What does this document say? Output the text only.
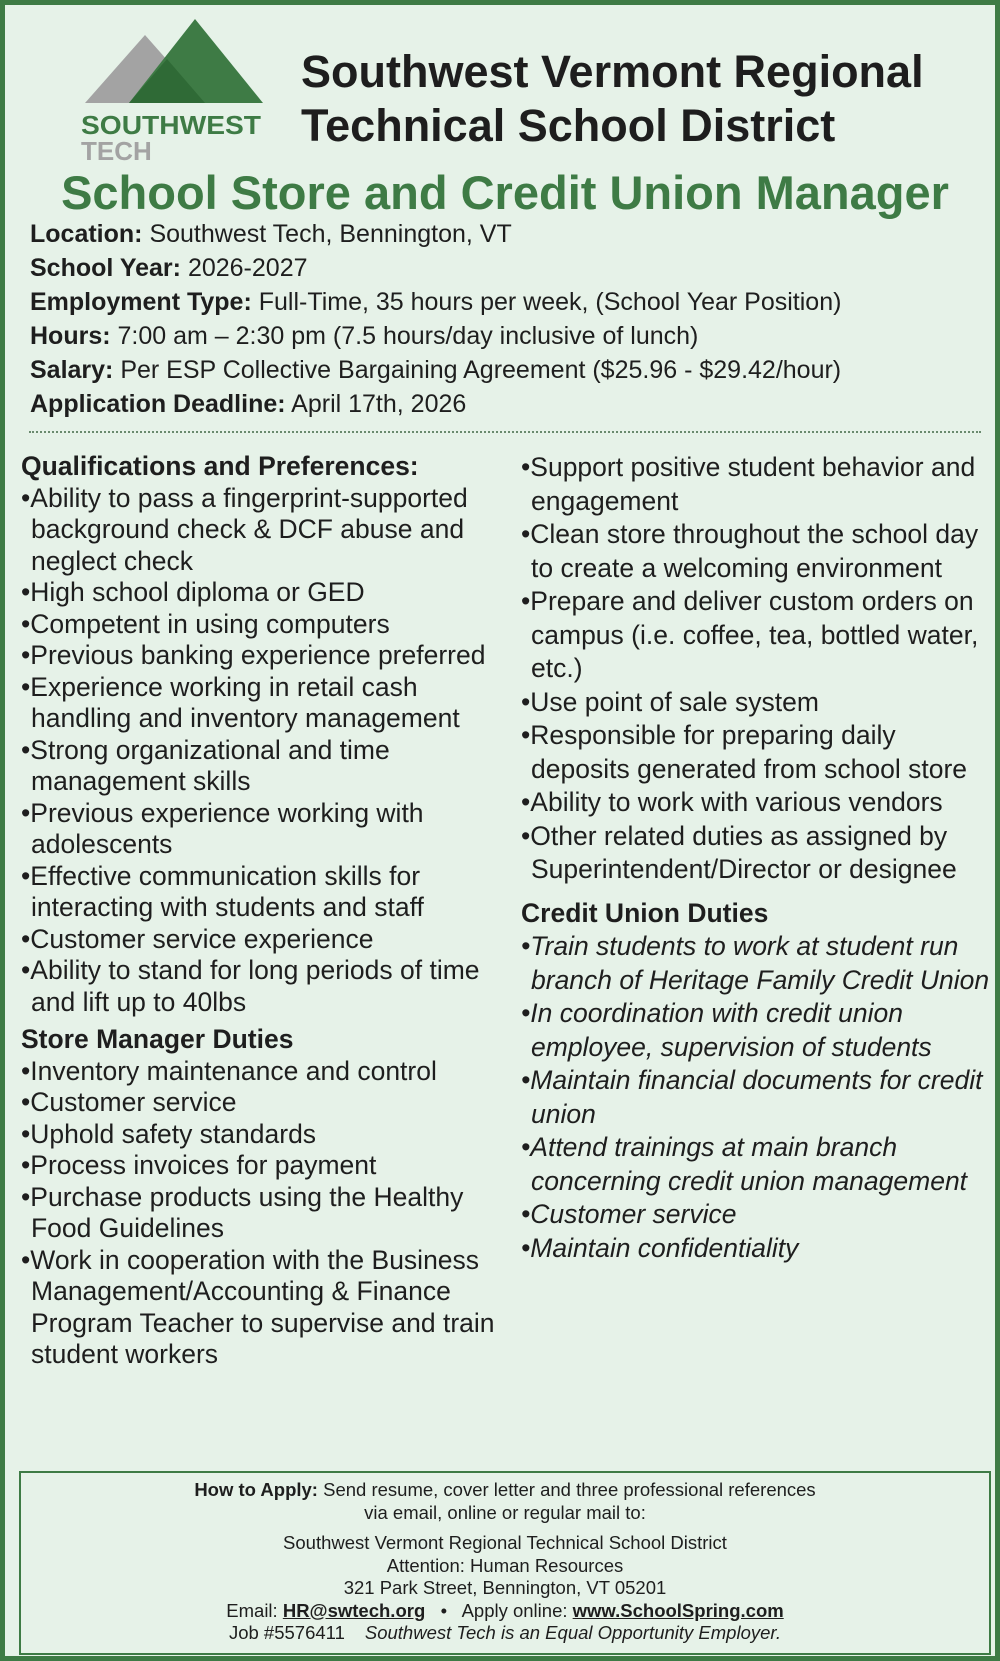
SOUTHWEST
TECH
Southwest Vermont Regional
Technical School District
School Store and Credit Union Manager
Location: Southwest Tech, Bennington, VT
School Year: 2026-2027
Employment Type: Full-Time, 35 hours per week, (School Year Position)
Hours: 7:00 am – 2:30 pm (7.5 hours/day inclusive of lunch)
Salary: Per ESP Collective Bargaining Agreement ($25.96 - $29.42/hour)
Application Deadline: April 17th, 2026
Qualifications and Preferences:
• Ability to pass a fingerprint-supported background check & DCF abuse and neglect check
• High school diploma or GED
• Competent in using computers
• Previous banking experience preferred
• Experience working in retail cash handling and inventory management
• Strong organizational and time management skills
• Previous experience working with adolescents
• Effective communication skills for interacting with students and staff
• Customer service experience
• Ability to stand for long periods of time and lift up to 40lbs
Store Manager Duties
• Inventory maintenance and control
• Customer service
• Uphold safety standards
• Process invoices for payment
• Purchase products using the Healthy Food Guidelines
• Work in cooperation with the Business Management/Accounting & Finance Program Teacher to supervise and train student workers
• Support positive student behavior and engagement
• Clean store throughout the school day to create a welcoming environment
• Prepare and deliver custom orders on campus (i.e. coffee, tea, bottled water, etc.)
• Use point of sale system
• Responsible for preparing daily deposits generated from school store
• Ability to work with various vendors
• Other related duties as assigned by Superintendent/Director or designee
Credit Union Duties
• Train students to work at student run branch of Heritage Family Credit Union
• In coordination with credit union employee, supervision of students
• Maintain financial documents for credit union
• Attend trainings at main branch concerning credit union management
• Customer service
• Maintain confidentiality

How to Apply: Send resume, cover letter and three professional references

via email, online or regular mail to:

Southwest Vermont Regional Technical School District

Attention: Human Resources

321 Park Street, Bennington, VT 05201

Email: HR@swtech.org • Apply online: www.SchoolSpring.com

Job #5576411 Southwest Tech is an Equal Opportunity Employer.
